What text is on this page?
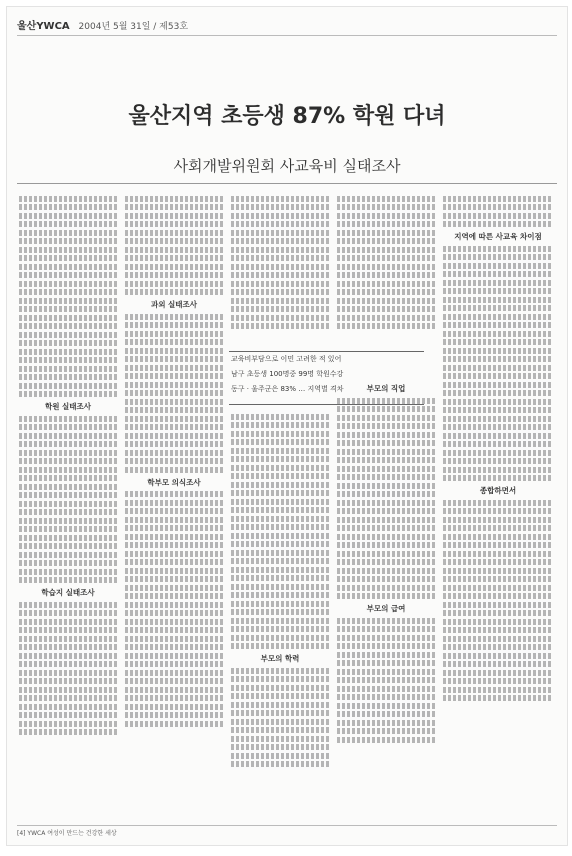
울산YWCA 2004년 5월 31일 / 제53호
울산지역 초등생 87% 학원 다녀
사회개발위원회 사교육비 실태조사
학원 실태조사
학습지 실태조사
과외 실태조사
학부모 의식조사
부모의 학력
교육비부담으로 이민 고려한 적 있어
남구 초등생 100명중 99명 학원수강
동구 · 울주군은 83% … 지역별 격차	부모의 직업
부모의 급여
지역에 따른 사교육 차이점
종합하면서
[4] YWCA 여성이 만드는 건강한 세상
